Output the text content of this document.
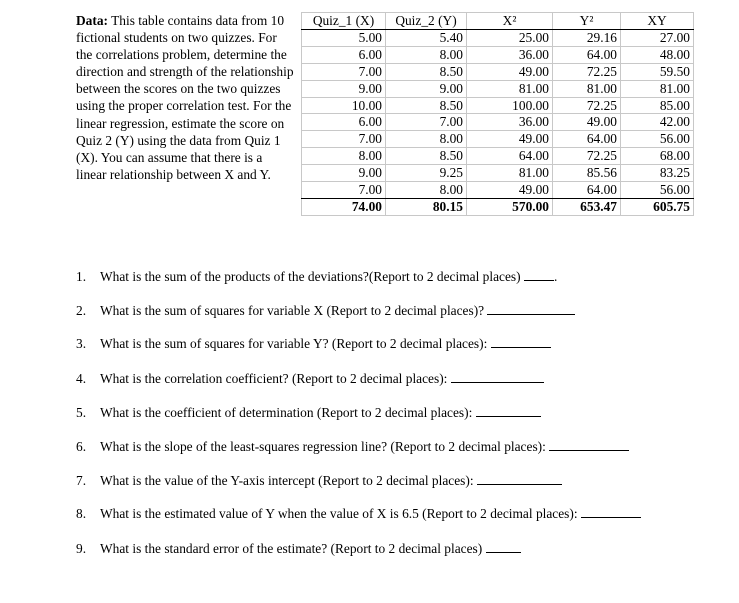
Data: This table contains data from 10 fictional students on two quizzes. For the correlations problem, determine the direction and strength of the relationship between the scores on the two quizzes using the proper correlation test. For the linear regression, estimate the score on Quiz 2 (Y) using the data from Quiz 1 (X). You can assume that there is a linear relationship between X and Y.
Quiz_1 (X)	Quiz_2 (Y)	X²	Y²	XY
5.00	5.40	25.00	29.16	27.00
6.00	8.00	36.00	64.00	48.00
7.00	8.50	49.00	72.25	59.50
9.00	9.00	81.00	81.00	81.00
10.00	8.50	100.00	72.25	85.00
6.00	7.00	36.00	49.00	42.00
7.00	8.00	49.00	64.00	56.00
8.00	8.50	64.00	72.25	68.00
9.00	9.25	81.00	85.56	83.25
7.00	8.00	49.00	64.00	56.00
74.00	80.15	570.00	653.47	605.75
1. What is the sum of the products of the deviations?(Report to 2 decimal places) .
2. What is the sum of squares for variable X (Report to 2 decimal places)?
3. What is the sum of squares for variable Y? (Report to 2 decimal places):
4. What is the correlation coefficient? (Report to 2 decimal places):
5. What is the coefficient of determination (Report to 2 decimal places):
6. What is the slope of the least-squares regression line? (Report to 2 decimal places):
7. What is the value of the Y-axis intercept (Report to 2 decimal places):
8. What is the estimated value of Y when the value of X is 6.5 (Report to 2 decimal places):
9. What is the standard error of the estimate? (Report to 2 decimal places)
